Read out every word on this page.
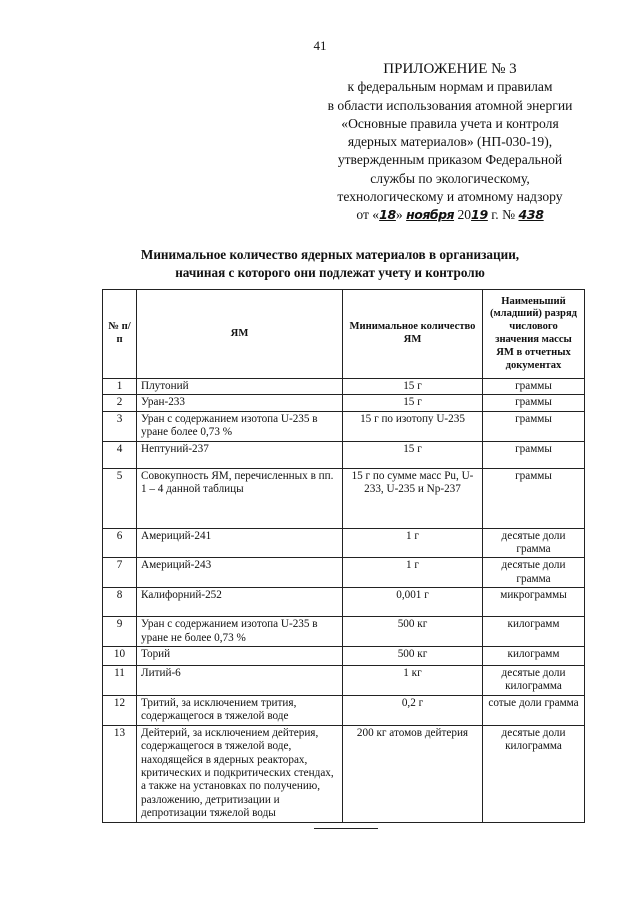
41
ПРИЛОЖЕНИЕ № 3
к федеральным нормам и правилам
в области использования атомной энергии
«Основные правила учета и контроля
ядерных материалов» (НП-030-19),
утвержденным приказом Федеральной
службы по экологическому,
технологическому и атомному надзору
от «18» ноября 2019 г. № 438
Минимальное количество ядерных материалов в организации,
начиная с которого они подлежат учету и контролю
№ п/п	ЯМ	Минимальное количество ЯМ	Наименьший (младший) разряд числового значения массы ЯМ в отчетных документах
1	Плутоний	15 г	граммы
2	Уран-233	15 г	граммы
3	Уран с содержанием изотопа U-235 в уране более 0,73 %	15 г по изотопу U-235	граммы
4	Нептуний-237	15 г	граммы
5	Совокупность ЯМ, перечисленных в пп. 1 – 4 данной таблицы	15 г по сумме масс Pu, U-233, U-235 и Np-237	граммы
6	Америций-241	1 г	десятые доли грамма
7	Америций-243	1 г	десятые доли грамма
8	Калифорний-252	0,001 г	микрограммы
9	Уран с содержанием изотопа U-235 в уране не более 0,73 %	500 кг	килограмм
10	Торий	500 кг	килограмм
11	Литий-6	1 кг	десятые доли килограмма
12	Тритий, за исключением трития, содержащегося в тяжелой воде	0,2 г	сотые доли грамма
13	Дейтерий, за исключением дейтерия, содержащегося в тяжелой воде, находящейся в ядерных реакторах, критических и подкритических стендах, а также на установках по получению, разложению, детритизации и депротизации тяжелой воды	200 кг атомов дейтерия	десятые доли килограмма
